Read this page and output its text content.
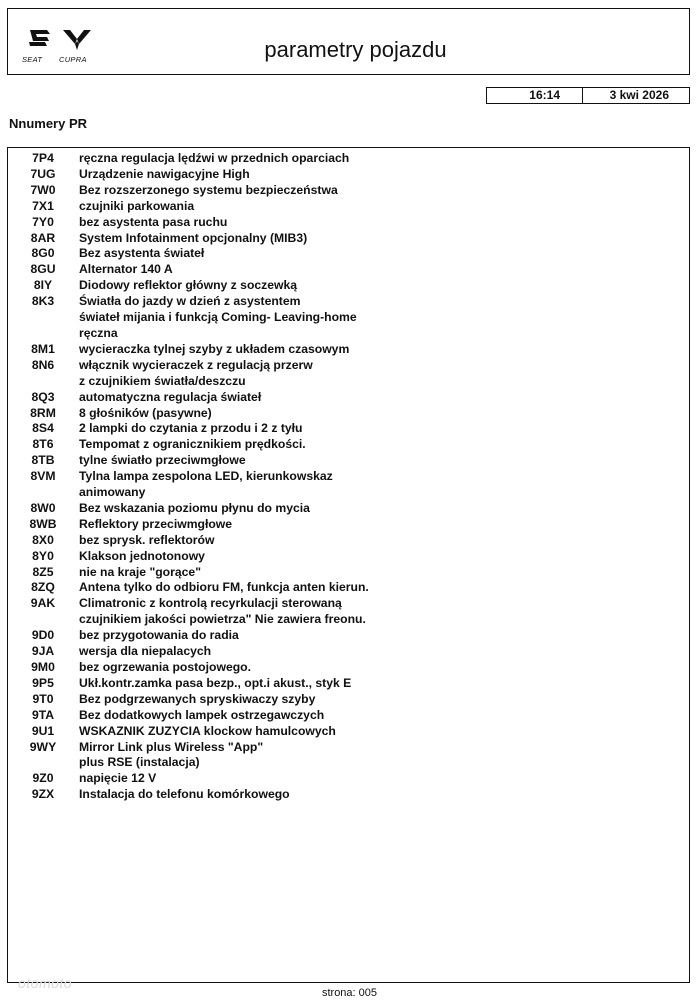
SEAT CUPRA	parametry pojazdu
16:14	3 kwi 2026
Nnumery PR
7P4	ręczna regulacja lędźwi w przednich oparciach
7UG	Urządzenie nawigacyjne High
7W0	Bez rozszerzonego systemu bezpieczeństwa
7X1	czujniki parkowania
7Y0	bez asystenta pasa ruchu
8AR	System Infotainment opcjonalny (MIB3)
8G0	Bez asystenta świateł
8GU	Alternator 140 A
8IY	Diodowy reflektor główny z soczewką
8K3	Światła do jazdy w dzień z asystentem
świateł mijania i funkcją Coming- Leaving-home
ręczna
8M1	wycieraczka tylnej szyby z układem czasowym
8N6	włącznik wycieraczek z regulacją przerw
z czujnikiem światła/deszczu
8Q3	automatyczna regulacja świateł
8RM	8 głośników (pasywne)
8S4	2 lampki do czytania z przodu i 2 z tyłu
8T6	Tempomat z ogranicznikiem prędkości.
8TB	tylne światło przeciwmgłowe
8VM	Tylna lampa zespolona LED, kierunkowskaz
animowany
8W0	Bez wskazania poziomu płynu do mycia
8WB	Reflektory przeciwmgłowe
8X0	bez sprysk. reflektorów
8Y0	Klakson jednotonowy
8Z5	nie na kraje "gorące"
8ZQ	Antena tylko do odbioru FM, funkcja anten kierun.
9AK	Climatronic z kontrolą recyrkulacji sterowaną
czujnikiem jakości powietrza" Nie zawiera freonu.
9D0	bez przygotowania do radia
9JA	wersja dla niepalacych
9M0	bez ogrzewania postojowego.
9P5	Ukł.kontr.zamka pasa bezp., opt.i akust., styk E
9T0	Bez podgrzewanych spryskiwaczy szyby
9TA	Bez dodatkowych lampek ostrzegawczych
9U1	WSKAZNIK ZUZYCIA klockow hamulcowych
9WY	Mirror Link plus Wireless "App"
plus RSE (instalacja)
9Z0	napięcie 12 V
9ZX	Instalacja do telefonu komórkowego
otomoto
strona: 005
